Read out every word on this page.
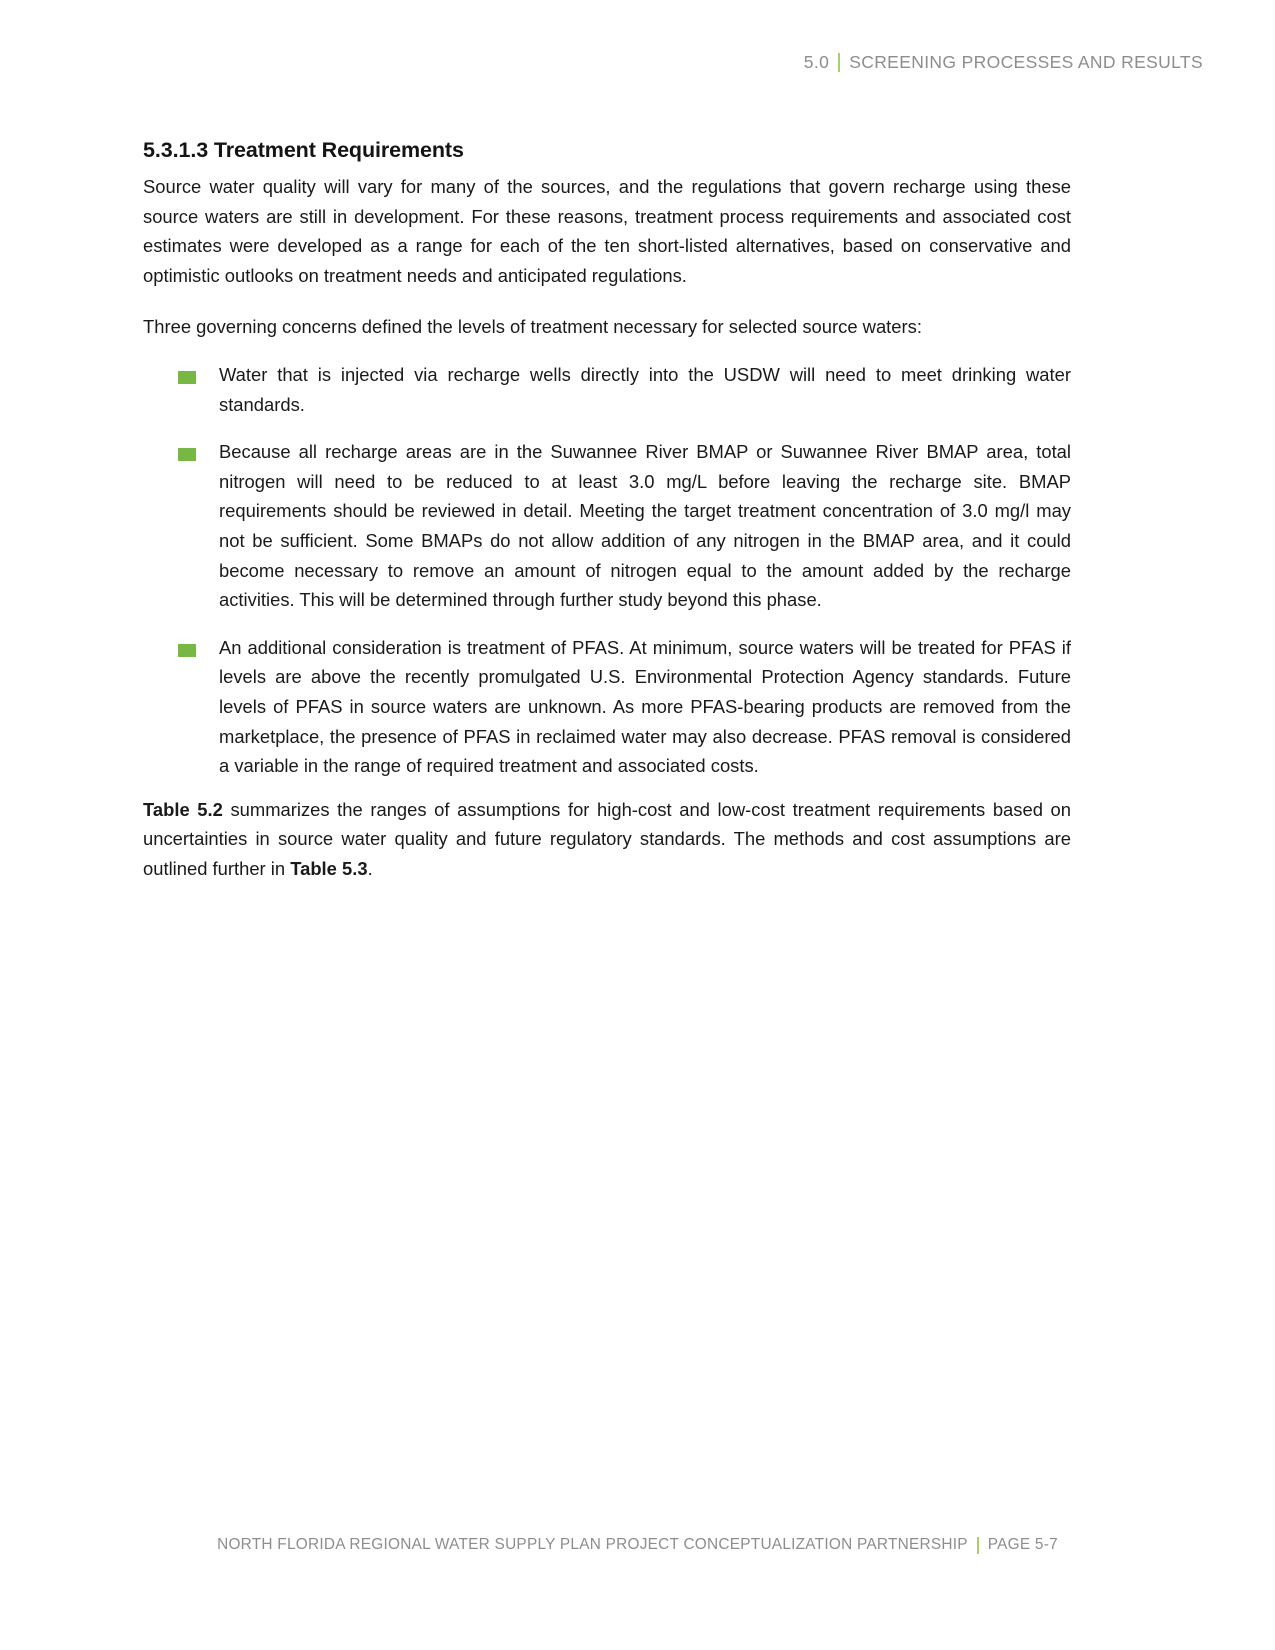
5.0 SCREENING PROCESSES AND RESULTS
5.3.1.3 Treatment Requirements

Source water quality will vary for many of the sources, and the regulations that govern recharge using these source waters are still in development. For these reasons, treatment process requirements and associated cost estimates were developed as a range for each of the ten short-listed alternatives, based on conservative and optimistic outlooks on treatment needs and anticipated regulations.

Three governing concerns defined the levels of treatment necessary for selected source waters:

Water that is injected via recharge wells directly into the USDW will need to meet drinking water standards.
Because all recharge areas are in the Suwannee River BMAP or Suwannee River BMAP area, total nitrogen will need to be reduced to at least 3.0 mg/L before leaving the recharge site. BMAP requirements should be reviewed in detail. Meeting the target treatment concentration of 3.0 mg/l may not be sufficient. Some BMAPs do not allow addition of any nitrogen in the BMAP area, and it could become necessary to remove an amount of nitrogen equal to the amount added by the recharge activities. This will be determined through further study beyond this phase.
An additional consideration is treatment of PFAS. At minimum, source waters will be treated for PFAS if levels are above the recently promulgated U.S. Environmental Protection Agency standards. Future levels of PFAS in source waters are unknown. As more PFAS-bearing products are removed from the marketplace, the presence of PFAS in reclaimed water may also decrease. PFAS removal is considered a variable in the range of required treatment and associated costs.

Table 5.2 summarizes the ranges of assumptions for high-cost and low-cost treatment requirements based on uncertainties in source water quality and future regulatory standards. The methods and cost assumptions are outlined further in Table 5.3.

NORTH FLORIDA REGIONAL WATER SUPPLY PLAN PROJECT CONCEPTUALIZATION PARTNERSHIP PAGE 5-7
